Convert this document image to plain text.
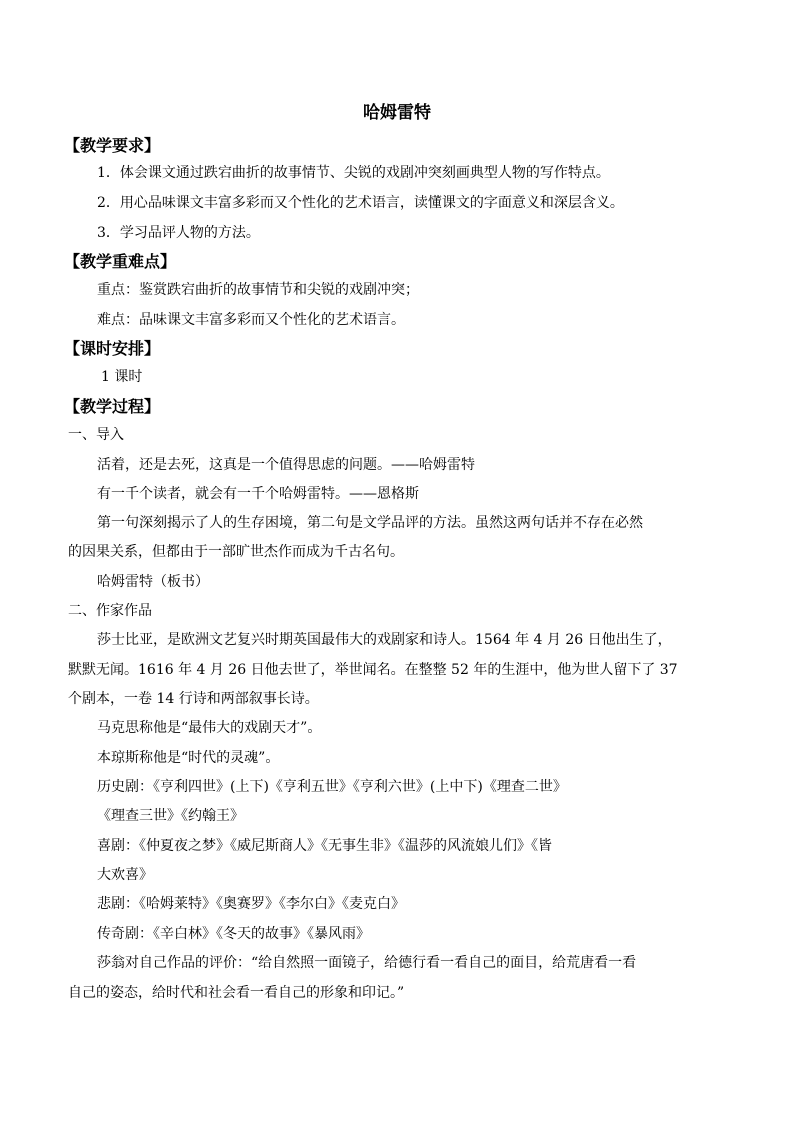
哈姆雷特
【教学要求】
1．体会课文通过跌宕曲折的故事情节、尖锐的戏剧冲突刻画典型人物的写作特点。
2．用心品味课文丰富多彩而又个性化的艺术语言，读懂课文的字面意义和深层含义。
3．学习品评人物的方法。
【教学重难点】
重点：鉴赏跌宕曲折的故事情节和尖锐的戏剧冲突；
难点：品味课文丰富多彩而又个性化的艺术语言。
【课时安排】
1 课时
【教学过程】
一、导入
活着，还是去死，这真是一个值得思虑的问题。——哈姆雷特
有一千个读者，就会有一千个哈姆雷特。——恩格斯
第一句深刻揭示了人的生存困境，第二句是文学品评的方法。虽然这两句话并不存在必然
的因果关系，但都由于一部旷世杰作而成为千古名句。
哈姆雷特（板书）
二、作家作品
莎士比亚，是欧洲文艺复兴时期英国最伟大的戏剧家和诗人。1564 年 4 月 26 日他出生了，
默默无闻。1616 年 4 月 26 日他去世了，举世闻名。在整整 52 年的生涯中，他为世人留下了 37
个剧本，一卷 14 行诗和两部叙事长诗。
马克思称他是“最伟大的戏剧天才”。
本琼斯称他是“时代的灵魂”。
历史剧：《亨利四世》(上下)《亨利五世》《亨利六世》(上中下)《理查二世》
《理查三世》《约翰王》
喜剧：《仲夏夜之梦》《威尼斯商人》《无事生非》《温莎的风流娘儿们》《皆
大欢喜》
悲剧：《哈姆莱特》《奥赛罗》《李尔白》《麦克白》
传奇剧：《辛白林》《冬天的故事》《暴风雨》
莎翁对自己作品的评价：“给自然照一面镜子，给德行看一看自己的面目，给荒唐看一看
自己的姿态，给时代和社会看一看自己的形象和印记。”
